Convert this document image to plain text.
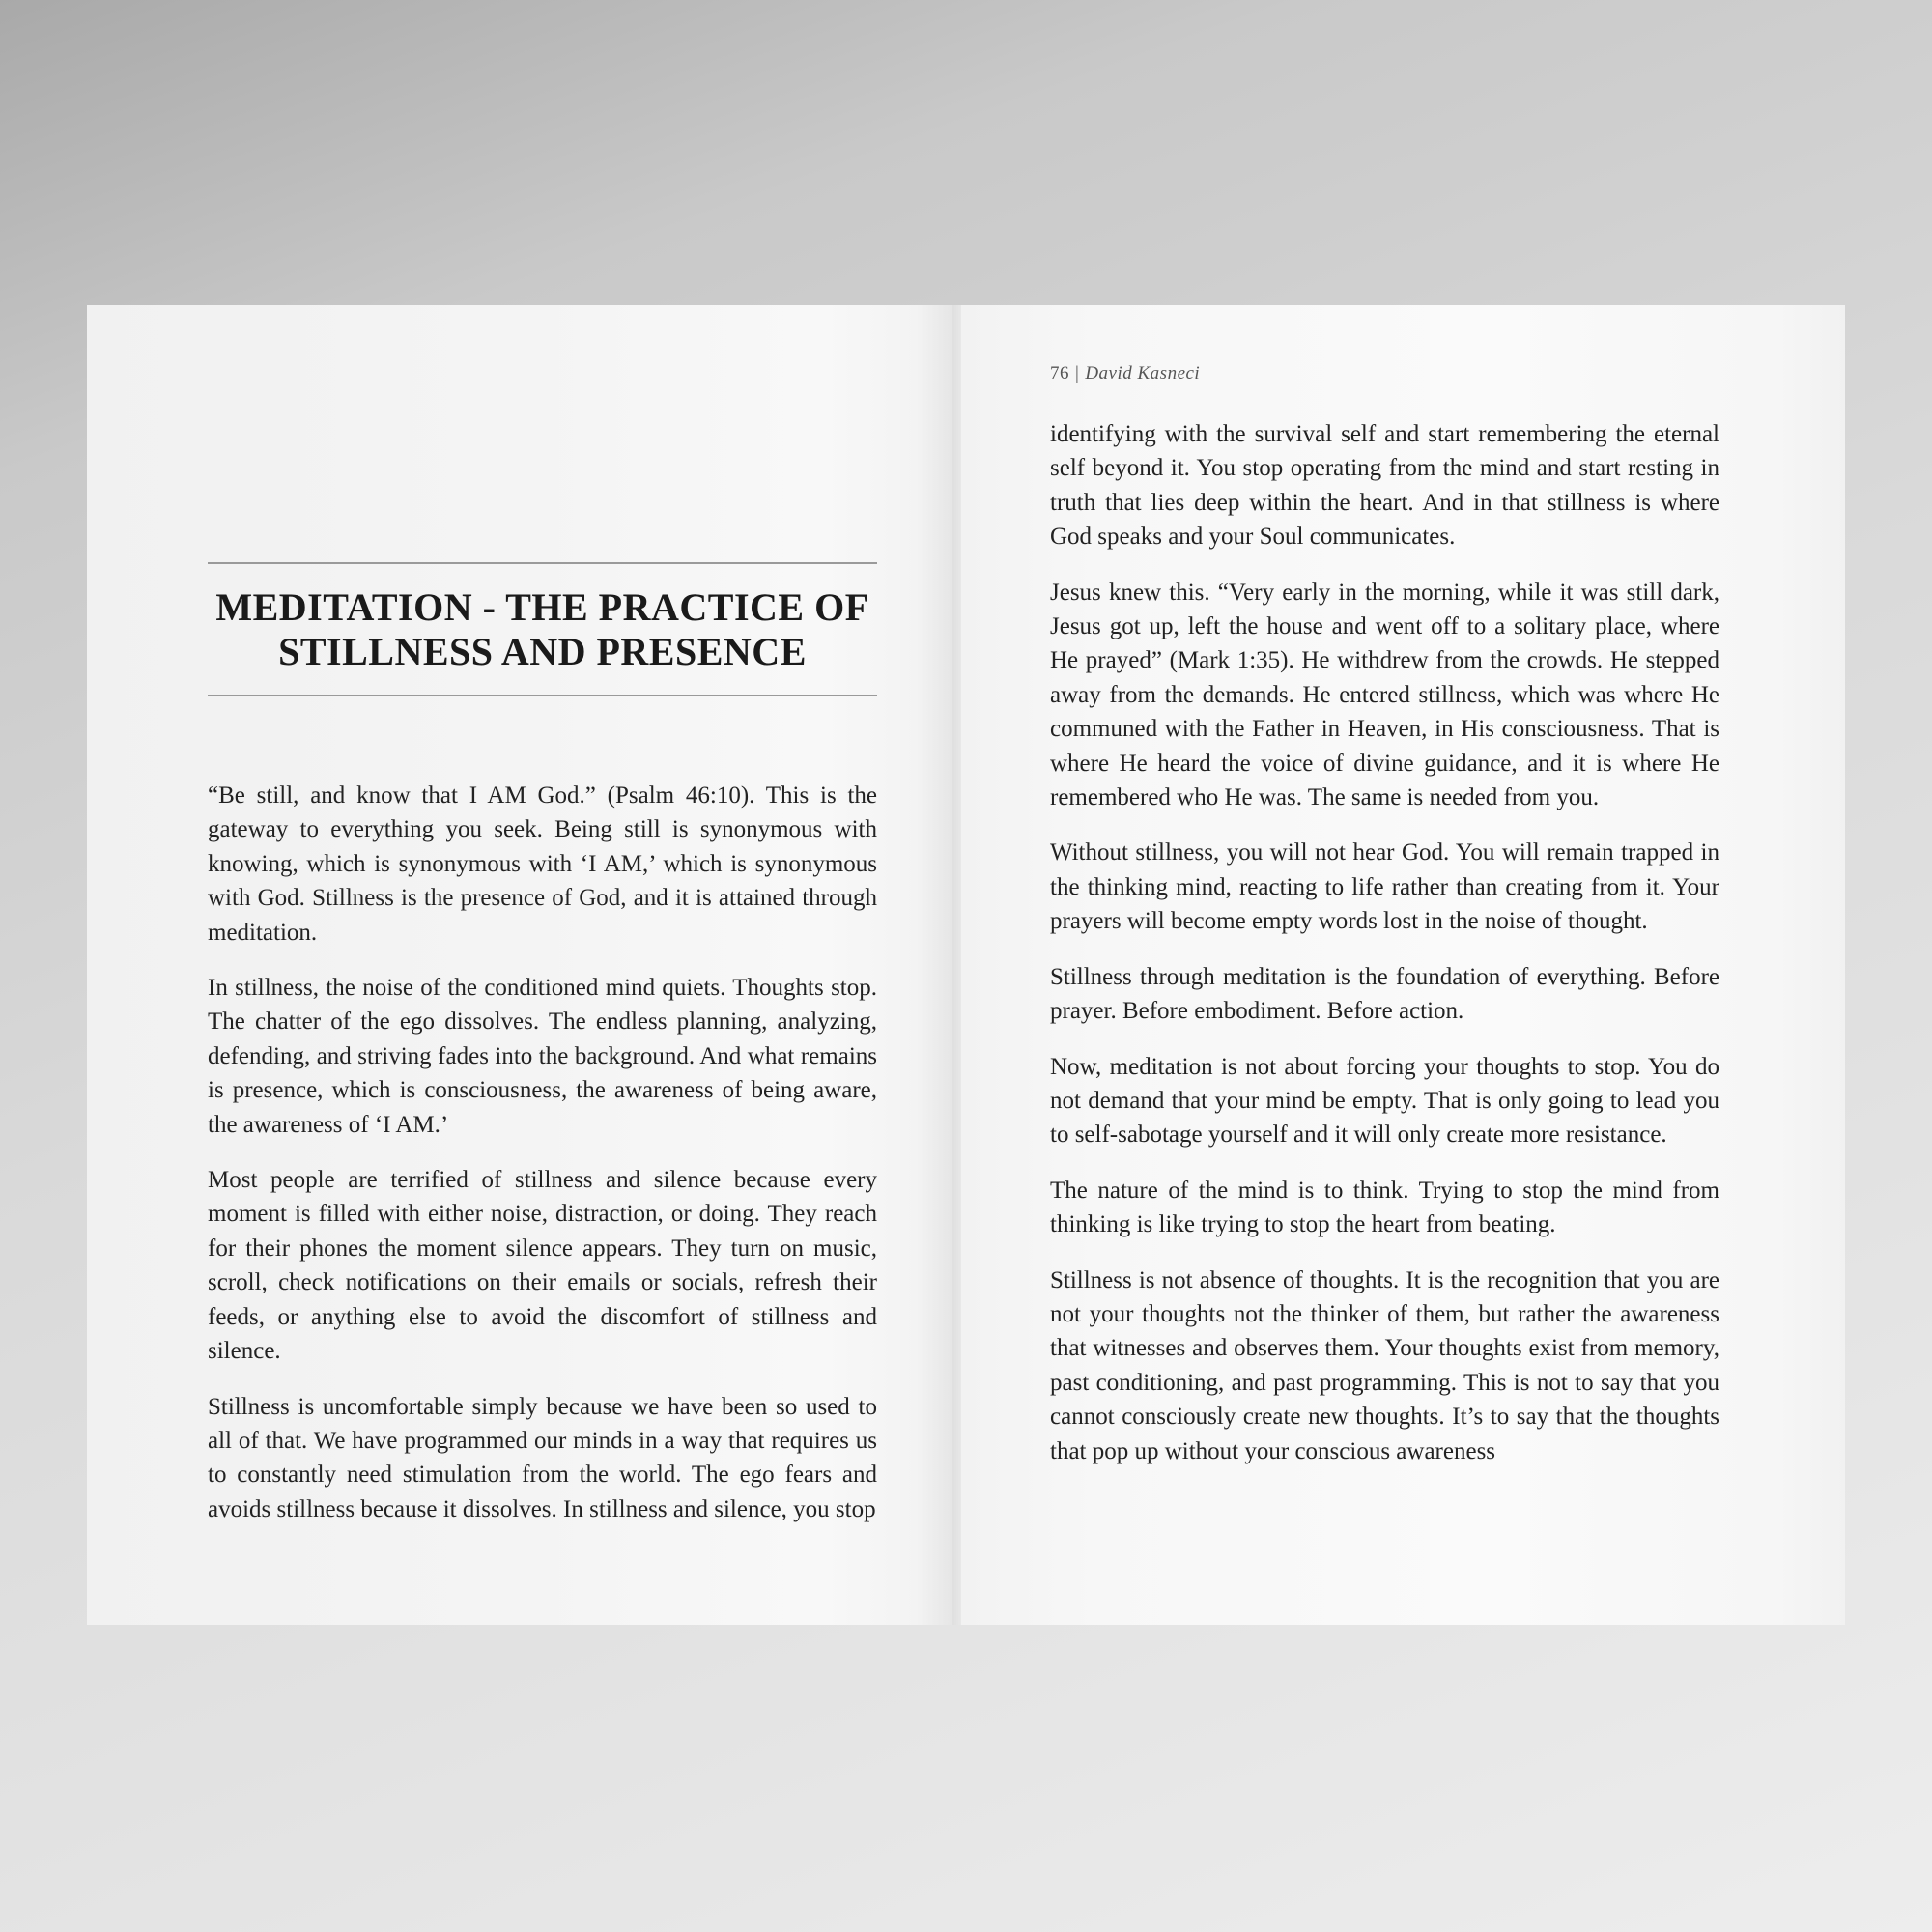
MEDITATION - THE PRACTICE OF STILLNESS AND PRESENCE

“Be still, and know that I AM God.” (Psalm 46:10). This is the gateway to everything you seek. Being still is synonymous with knowing, which is synonymous with ‘I AM,’ which is synonymous with God. Stillness is the presence of God, and it is attained through meditation.

In stillness, the noise of the conditioned mind quiets. Thoughts stop. The chatter of the ego dissolves. The endless planning, analyzing, defending, and striving fades into the background. And what remains is presence, which is consciousness, the awareness of being aware, the awareness of ‘I AM.’

Most people are terrified of stillness and silence because every moment is filled with either noise, distraction, or doing. They reach for their phones the moment silence appears. They turn on music, scroll, check notifications on their emails or socials, refresh their feeds, or anything else to avoid the discomfort of stillness and silence.

Stillness is uncomfortable simply because we have been so used to all of that. We have programmed our minds in a way that requires us to constantly need stimulation from the world. The ego fears and avoids stillness because it dissolves. In stillness and silence, you stop

76 | David Kasneci

identifying with the survival self and start remembering the eternal self beyond it. You stop operating from the mind and start resting in truth that lies deep within the heart. And in that stillness is where God speaks and your Soul communicates.

Jesus knew this. “Very early in the morning, while it was still dark, Jesus got up, left the house and went off to a solitary place, where He prayed” (Mark 1:35). He withdrew from the crowds. He stepped away from the demands. He entered stillness, which was where He communed with the Father in Heaven, in His consciousness. That is where He heard the voice of divine guidance, and it is where He remembered who He was. The same is needed from you.

Without stillness, you will not hear God. You will remain trapped in the thinking mind, reacting to life rather than creating from it. Your prayers will become empty words lost in the noise of thought.

Stillness through meditation is the foundation of everything. Before prayer. Before embodiment. Before action.

Now, meditation is not about forcing your thoughts to stop. You do not demand that your mind be empty. That is only going to lead you to self-sabotage yourself and it will only create more resistance.

The nature of the mind is to think. Trying to stop the mind from thinking is like trying to stop the heart from beating.

Stillness is not absence of thoughts. It is the recognition that you are not your thoughts not the thinker of them, but rather the awareness that witnesses and observes them. Your thoughts exist from memory, past conditioning, and past programming. This is not to say that you cannot consciously create new thoughts. It’s to say that the thoughts that pop up without your conscious awareness
